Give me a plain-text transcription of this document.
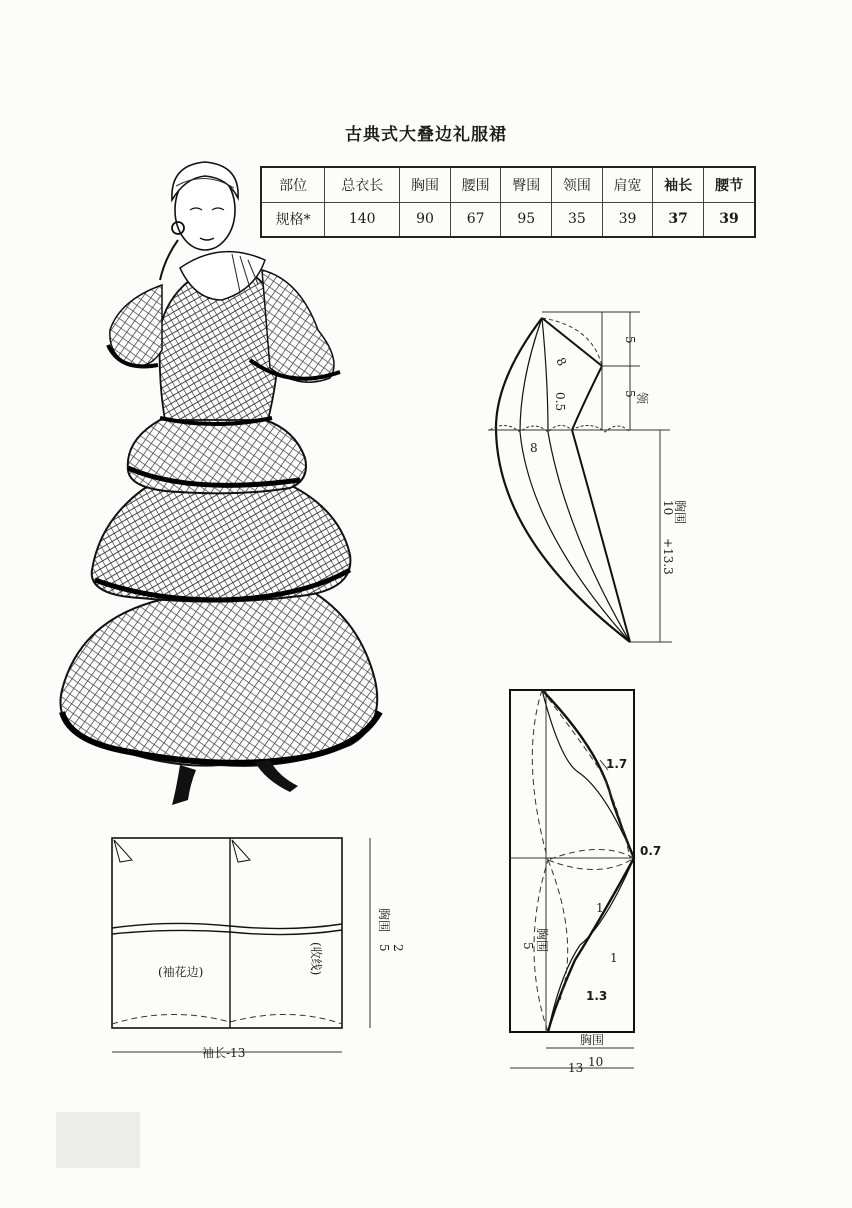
古典式大叠边礼服裙
部位	总衣长	胸围	腰围	臀围	领围	肩宽	袖长	腰节
规格*	140	90	67	95	35	39	37	39
8
0.5
8
5
5
领
胸围
10
+13.3
1.7
0.7
1
1
1.3
胸围
5
胸围
10
13
胸围
2
5
(袖花边)	(收线)
袖长-13
